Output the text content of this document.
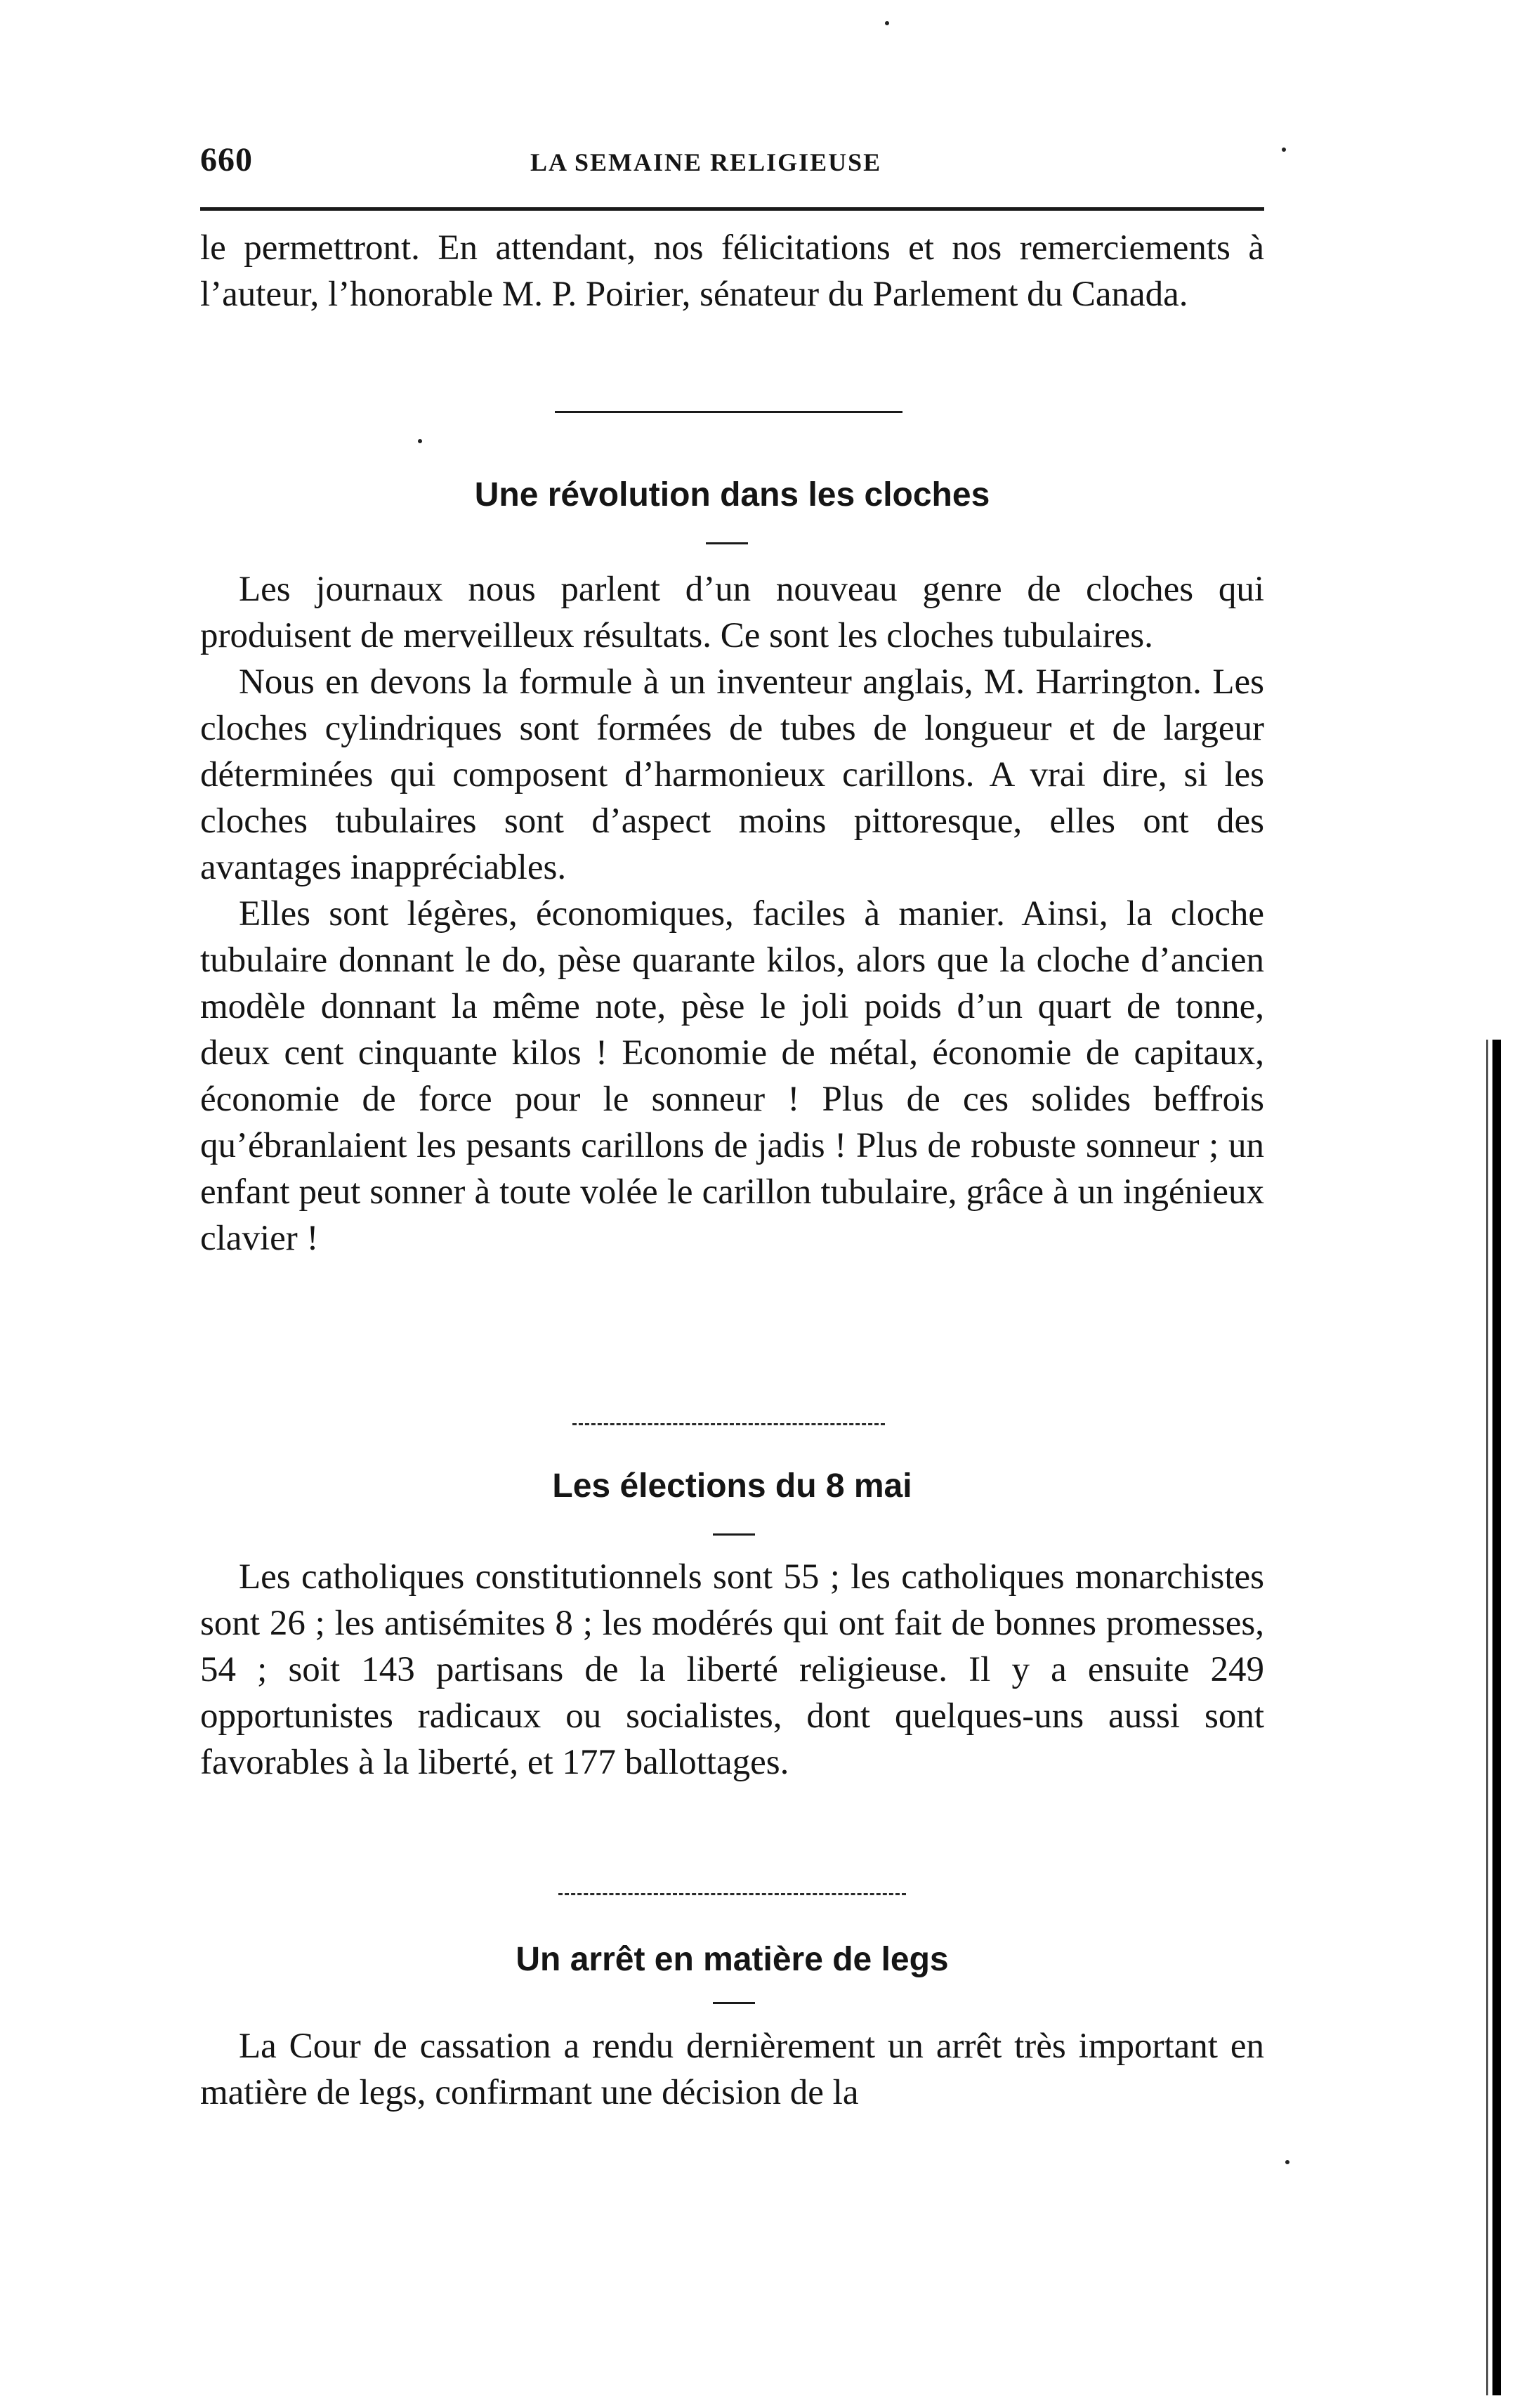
660	LA SEMAINE RELIGIEUSE

le permettront. En attendant, nos félicitations et nos remerciements à l’auteur, l’honorable M. P. Poirier, sénateur du Parlement du Canada.

Une révolution dans les cloches

Les journaux nous parlent d’un nouveau genre de cloches qui produisent de merveilleux résultats. Ce sont les cloches tubulaires.

Nous en devons la formule à un inventeur anglais, M. Harrington. Les cloches cylindriques sont formées de tubes de longueur et de largeur déterminées qui composent d’harmonieux carillons. A vrai dire, si les cloches tubulaires sont d’aspect moins pittoresque, elles ont des avantages inappréciables.

Elles sont légères, économiques, faciles à manier. Ainsi, la cloche tubulaire donnant le do, pèse quarante kilos, alors que la cloche d’ancien modèle donnant la même note, pèse le joli poids d’un quart de tonne, deux cent cinquante kilos ! Economie de métal, économie de capitaux, économie de force pour le sonneur ! Plus de ces solides beffrois qu’ébranlaient les pesants carillons de jadis ! Plus de robuste sonneur ; un enfant peut sonner à toute volée le carillon tubulaire, grâce à un ingénieux clavier !

Les élections du 8 mai

Les catholiques constitutionnels sont 55 ; les catholiques monarchistes sont 26 ; les antisémites 8 ; les modérés qui ont fait de bonnes promesses, 54 ; soit 143 partisans de la liberté religieuse. Il y a ensuite 249 opportunistes radicaux ou socialistes, dont quelques-uns aussi sont favorables à la liberté, et 177 ballottages.

Un arrêt en matière de legs

La Cour de cassation a rendu dernièrement un arrêt très important en matière de legs, confirmant une décision de la
